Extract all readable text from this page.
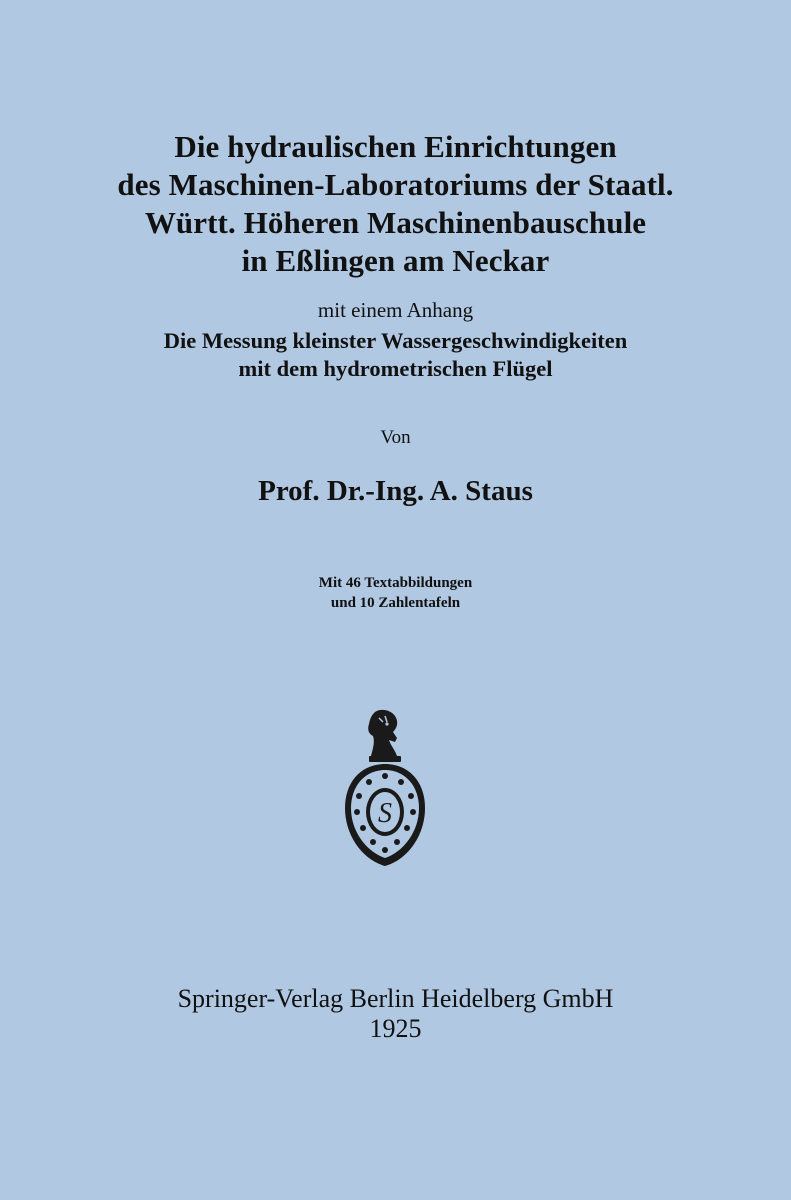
Die hydraulischen Einrichtungen
des Maschinen-Laboratoriums der Staatl.
Württ. Höheren Maschinenbauschule
in Eßlingen am Neckar
mit einem Anhang
Die Messung kleinster Wassergeschwindigkeiten
mit dem hydrometrischen Flügel
Von
Prof. Dr.-Ing. A. Staus
Mit 46 Textabbildungen
und 10 Zahlentafeln
S
Springer-Verlag Berlin Heidelberg GmbH
1925
